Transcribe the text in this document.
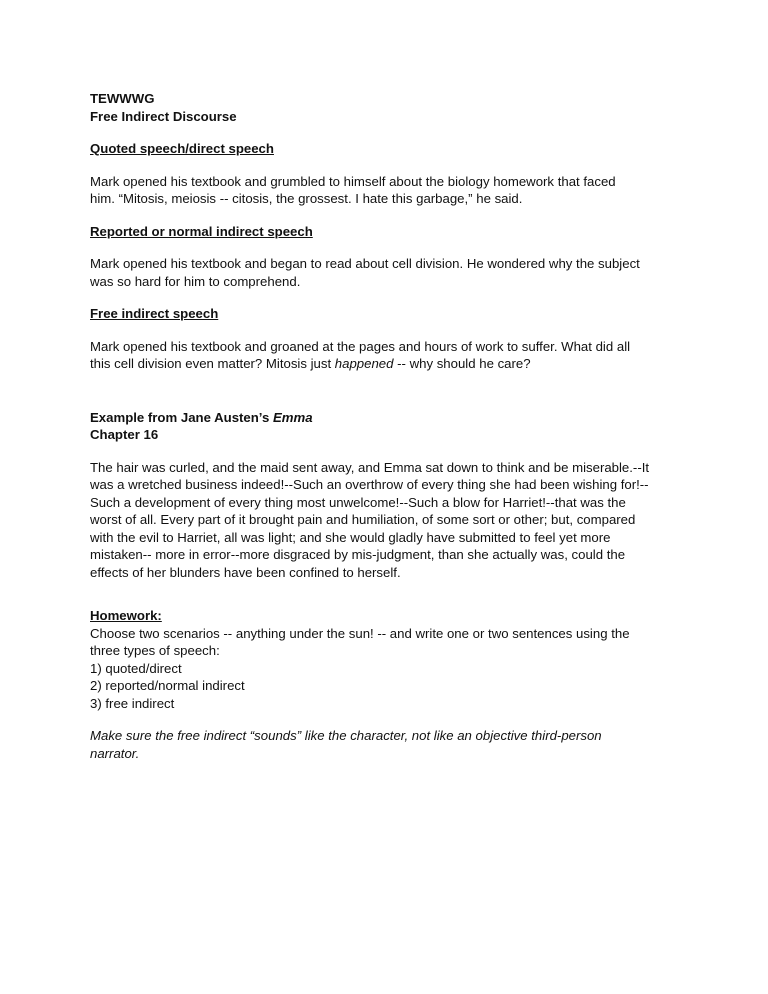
TEWWWG
Free Indirect Discourse
Quoted speech/direct speech
Mark opened his textbook and grumbled to himself about the biology homework that faced
him. “Mitosis, meiosis -- citosis, the grossest. I hate this garbage,” he said.
Reported or normal indirect speech
Mark opened his textbook and began to read about cell division. He wondered why the subject
was so hard for him to comprehend.
Free indirect speech
Mark opened his textbook and groaned at the pages and hours of work to suffer. What did all
this cell division even matter? Mitosis just happened -- why should he care?
Example from Jane Austen’s Emma
Chapter 16
The hair was curled, and the maid sent away, and Emma sat down to think and be miserable.--It
was a wretched business indeed!--Such an overthrow of every thing she had been wishing for!--
Such a development of every thing most unwelcome!--Such a blow for Harriet!--that was the
worst of all. Every part of it brought pain and humiliation, of some sort or other; but, compared
with the evil to Harriet, all was light; and she would gladly have submitted to feel yet more
mistaken-- more in error--more disgraced by mis-judgment, than she actually was, could the
effects of her blunders have been confined to herself.
Homework:
Choose two scenarios -- anything under the sun! -- and write one or two sentences using the
three types of speech:
1) quoted/direct
2) reported/normal indirect
3) free indirect
Make sure the free indirect “sounds” like the character, not like an objective third-person
narrator.
